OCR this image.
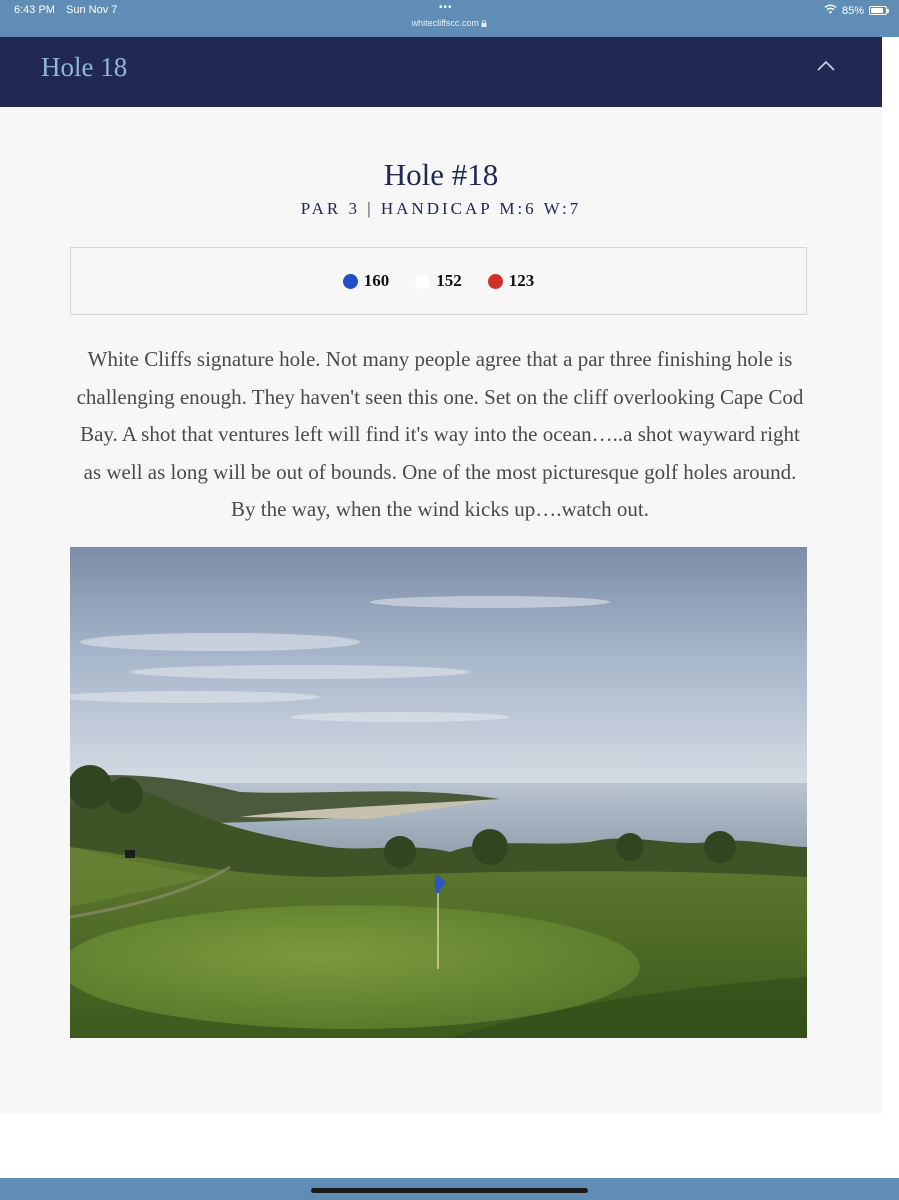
6:43 PM Sun Nov 7	•••
whitecliffscc.com
85%
Hole 18
Hole #18
PAR 3 | HANDICAP M:6 W:7
160	152	123

White Cliffs signature hole. Not many people agree that a par three finishing hole is challenging enough. They haven't seen this one. Set on the cliff overlooking Cape Cod Bay. A shot that ventures left will find it's way into the ocean…..a shot wayward right as well as long will be out of bounds. One of the most picturesque golf holes around. By the way, when the wind kicks up….watch out.
